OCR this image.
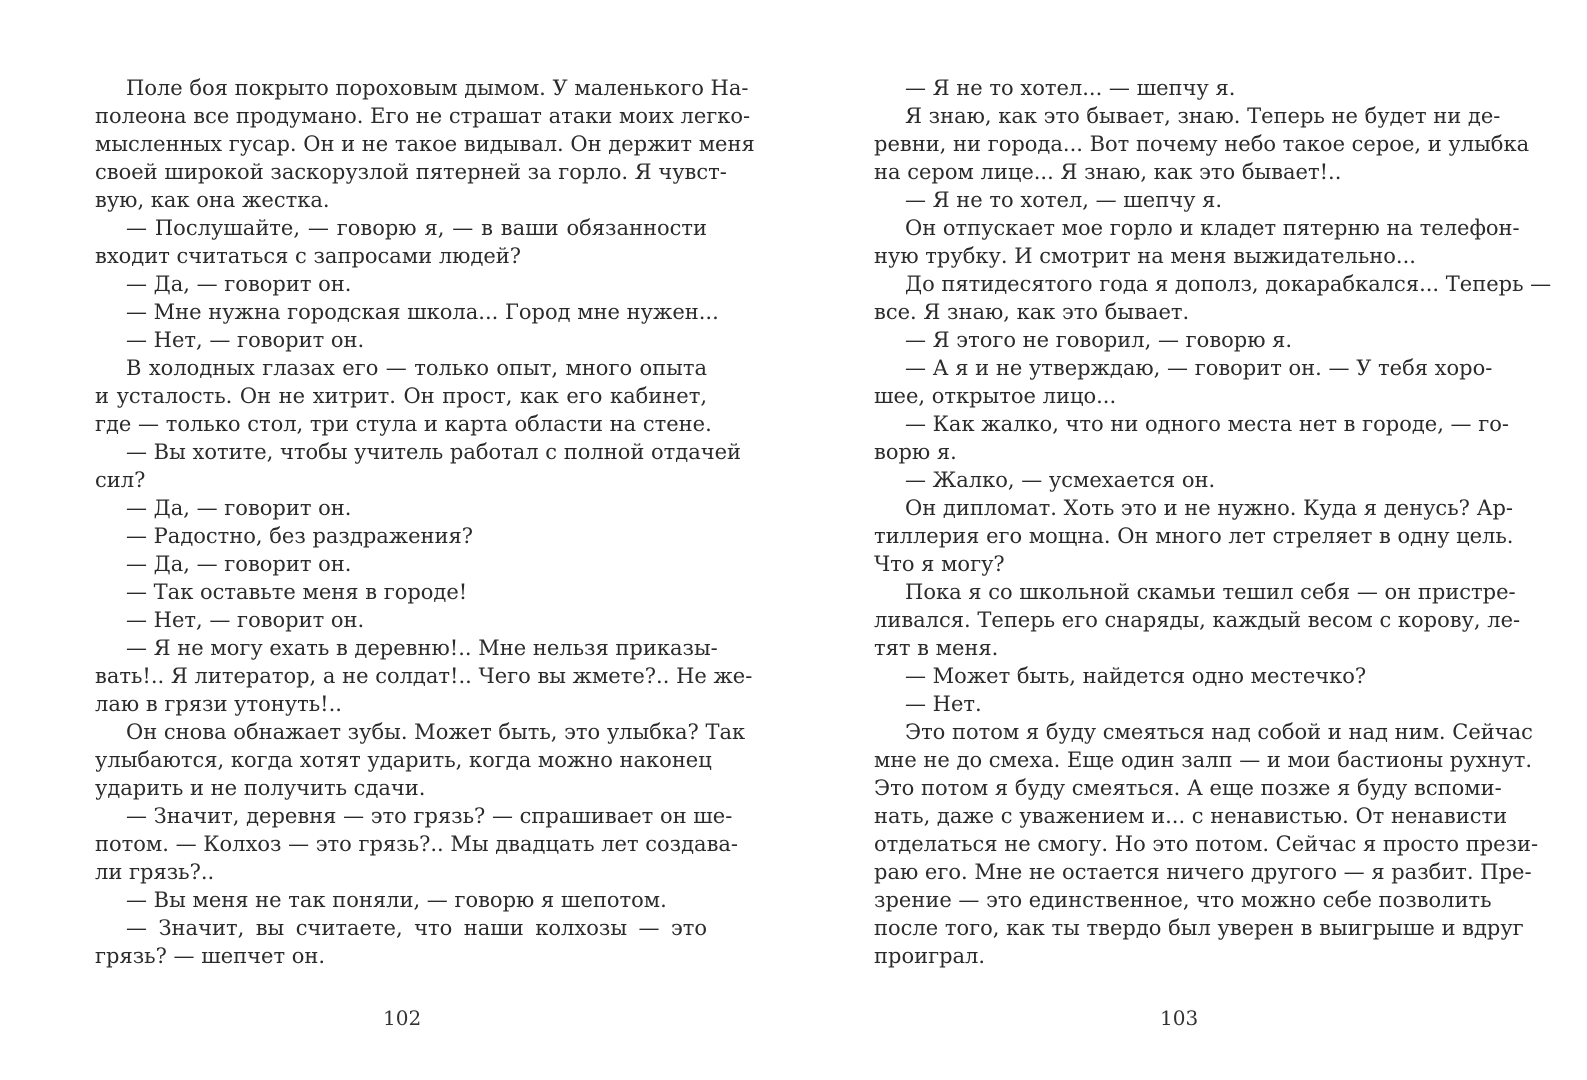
Поле боя покрыто пороховым дымом. У маленького На-
полеона все продумано. Его не страшат атаки моих легко-
мысленных гусар. Он и не такое видывал. Он держит меня
своей широкой заскорузлой пятерней за горло. Я чувст-
вую, как она жестка.
— Послушайте, — говорю я, — в ваши обязанности
входит считаться с запросами людей?
— Да, — говорит он.
— Мне нужна городская школа... Город мне нужен...
— Нет, — говорит он.
В холодных глазах его — только опыт, много опыта
и усталость. Он не хитрит. Он прост, как его кабинет,
где — только стол, три стула и карта области на стене.
— Вы хотите, чтобы учитель работал с полной отдачей
сил?
— Да, — говорит он.
— Радостно, без раздражения?
— Да, — говорит он.
— Так оставьте меня в городе!
— Нет, — говорит он.
— Я не могу ехать в деревню!.. Мне нельзя приказы-
вать!.. Я литератор, а не солдат!.. Чего вы жмете?.. Не же-
лаю в грязи утонуть!..
Он снова обнажает зубы. Может быть, это улыбка? Так
улыбаются, когда хотят ударить, когда можно наконец
ударить и не получить сдачи.
— Значит, деревня — это грязь? — спрашивает он ше-
потом. — Колхоз — это грязь?.. Мы двадцать лет создава-
ли грязь?..
— Вы меня не так поняли, — говорю я шепотом.
— Значит, вы считаете, что наши колхозы — это
грязь? — шепчет он.
— Я не то хотел... — шепчу я.
Я знаю, как это бывает, знаю. Теперь не будет ни де-
ревни, ни города... Вот почему небо такое серое, и улыбка
на сером лице... Я знаю, как это бывает!..
— Я не то хотел, — шепчу я.
Он отпускает мое горло и кладет пятерню на телефон-
ную трубку. И смотрит на меня выжидательно...
До пятидесятого года я дополз, докарабкался... Теперь —
все. Я знаю, как это бывает.
— Я этого не говорил, — говорю я.
— А я и не утверждаю, — говорит он. — У тебя хоро-
шее, открытое лицо...
— Как жалко, что ни одного места нет в городе, — го-
ворю я.
— Жалко, — усмехается он.
Он дипломат. Хоть это и не нужно. Куда я денусь? Ар-
тиллерия его мощна. Он много лет стреляет в одну цель.
Что я могу?
Пока я со школьной скамьи тешил себя — он пристре-
ливался. Теперь его снаряды, каждый весом с корову, ле-
тят в меня.
— Может быть, найдется одно местечко?
— Нет.
Это потом я буду смеяться над собой и над ним. Сейчас
мне не до смеха. Еще один залп — и мои бастионы рухнут.
Это потом я буду смеяться. А еще позже я буду вспоми-
нать, даже с уважением и... с ненавистью. От ненависти
отделаться не смогу. Но это потом. Сейчас я просто прези-
раю его. Мне не остается ничего другого — я разбит. Пре-
зрение — это единственное, что можно себе позволить
после того, как ты твердо был уверен в выигрыше и вдруг
проиграл.
102	103
